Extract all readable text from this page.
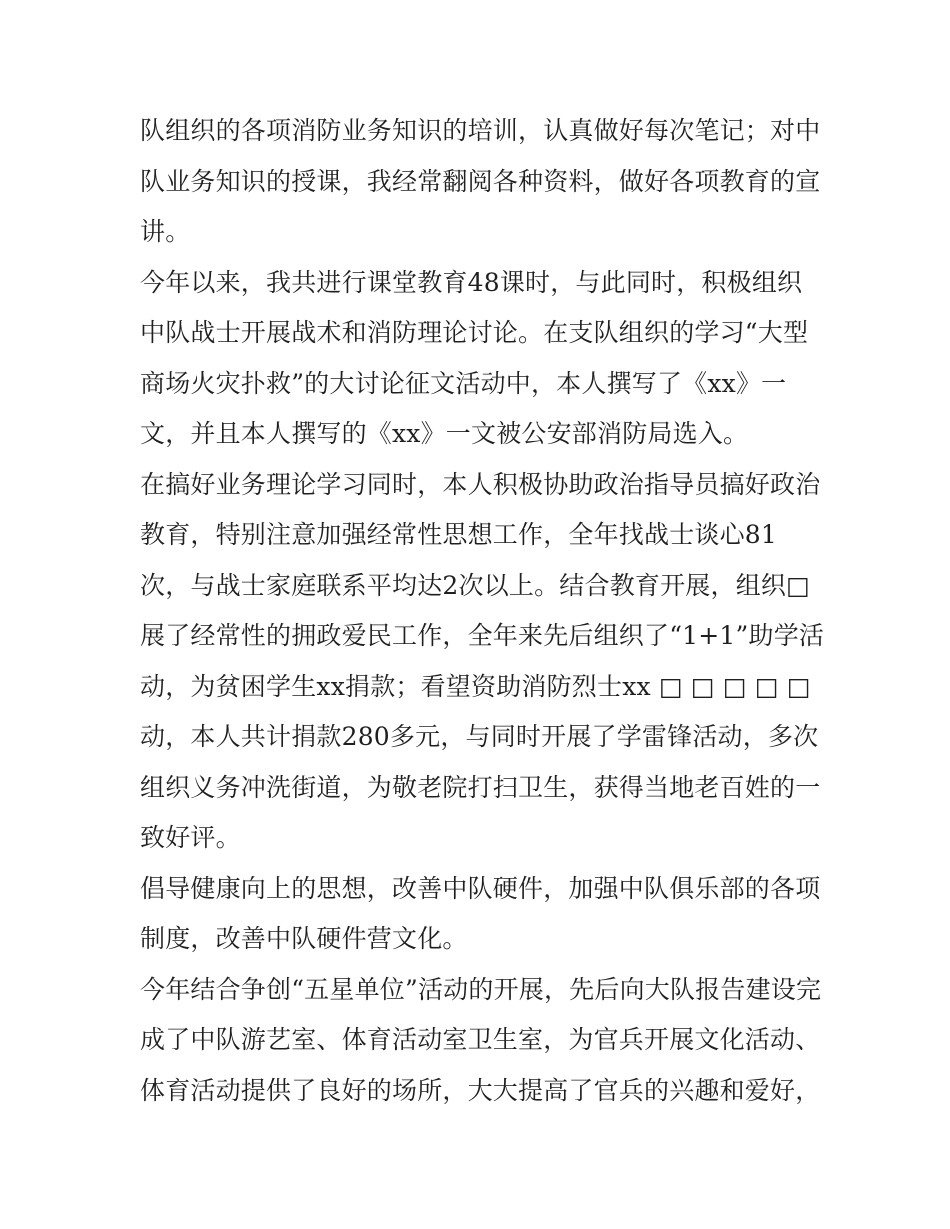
队组织的各项消防业务知识的培训，认真做好每次笔记；对中
队业务知识的授课，我经常翻阅各种资料，做好各项教育的宣
讲。
今年以来，我共进行课堂教育48课时，与此同时，积极组织
中队战士开展战术和消防理论讨论。在支队组织的学习“大型
商场火灾扑救”的大讨论征文活动中，本人撰写了《xx》一
文，并且本人撰写的《xx》一文被公安部消防局选入。
在搞好业务理论学习同时，本人积极协助政治指导员搞好政治
教育，特别注意加强经常性思想工作，全年找战士谈心81
次，与战士家庭联系平均达2次以上。结合教育开展，组织□
展了经常性的拥政爱民工作，全年来先后组织了“1+1”助学活
动，为贫困学生xx捐款；看望资助消防烈士xx □ □ □ □ □
动，本人共计捐款280多元，与同时开展了学雷锋活动，多次
组织义务冲洗街道，为敬老院打扫卫生，获得当地老百姓的一
致好评。
倡导健康向上的思想，改善中队硬件，加强中队俱乐部的各项
制度，改善中队硬件营文化。
今年结合争创“五星单位”活动的开展，先后向大队报告建设完
成了中队游艺室、体育活动室卫生室，为官兵开展文化活动、
体育活动提供了良好的场所，大大提高了官兵的兴趣和爱好，
